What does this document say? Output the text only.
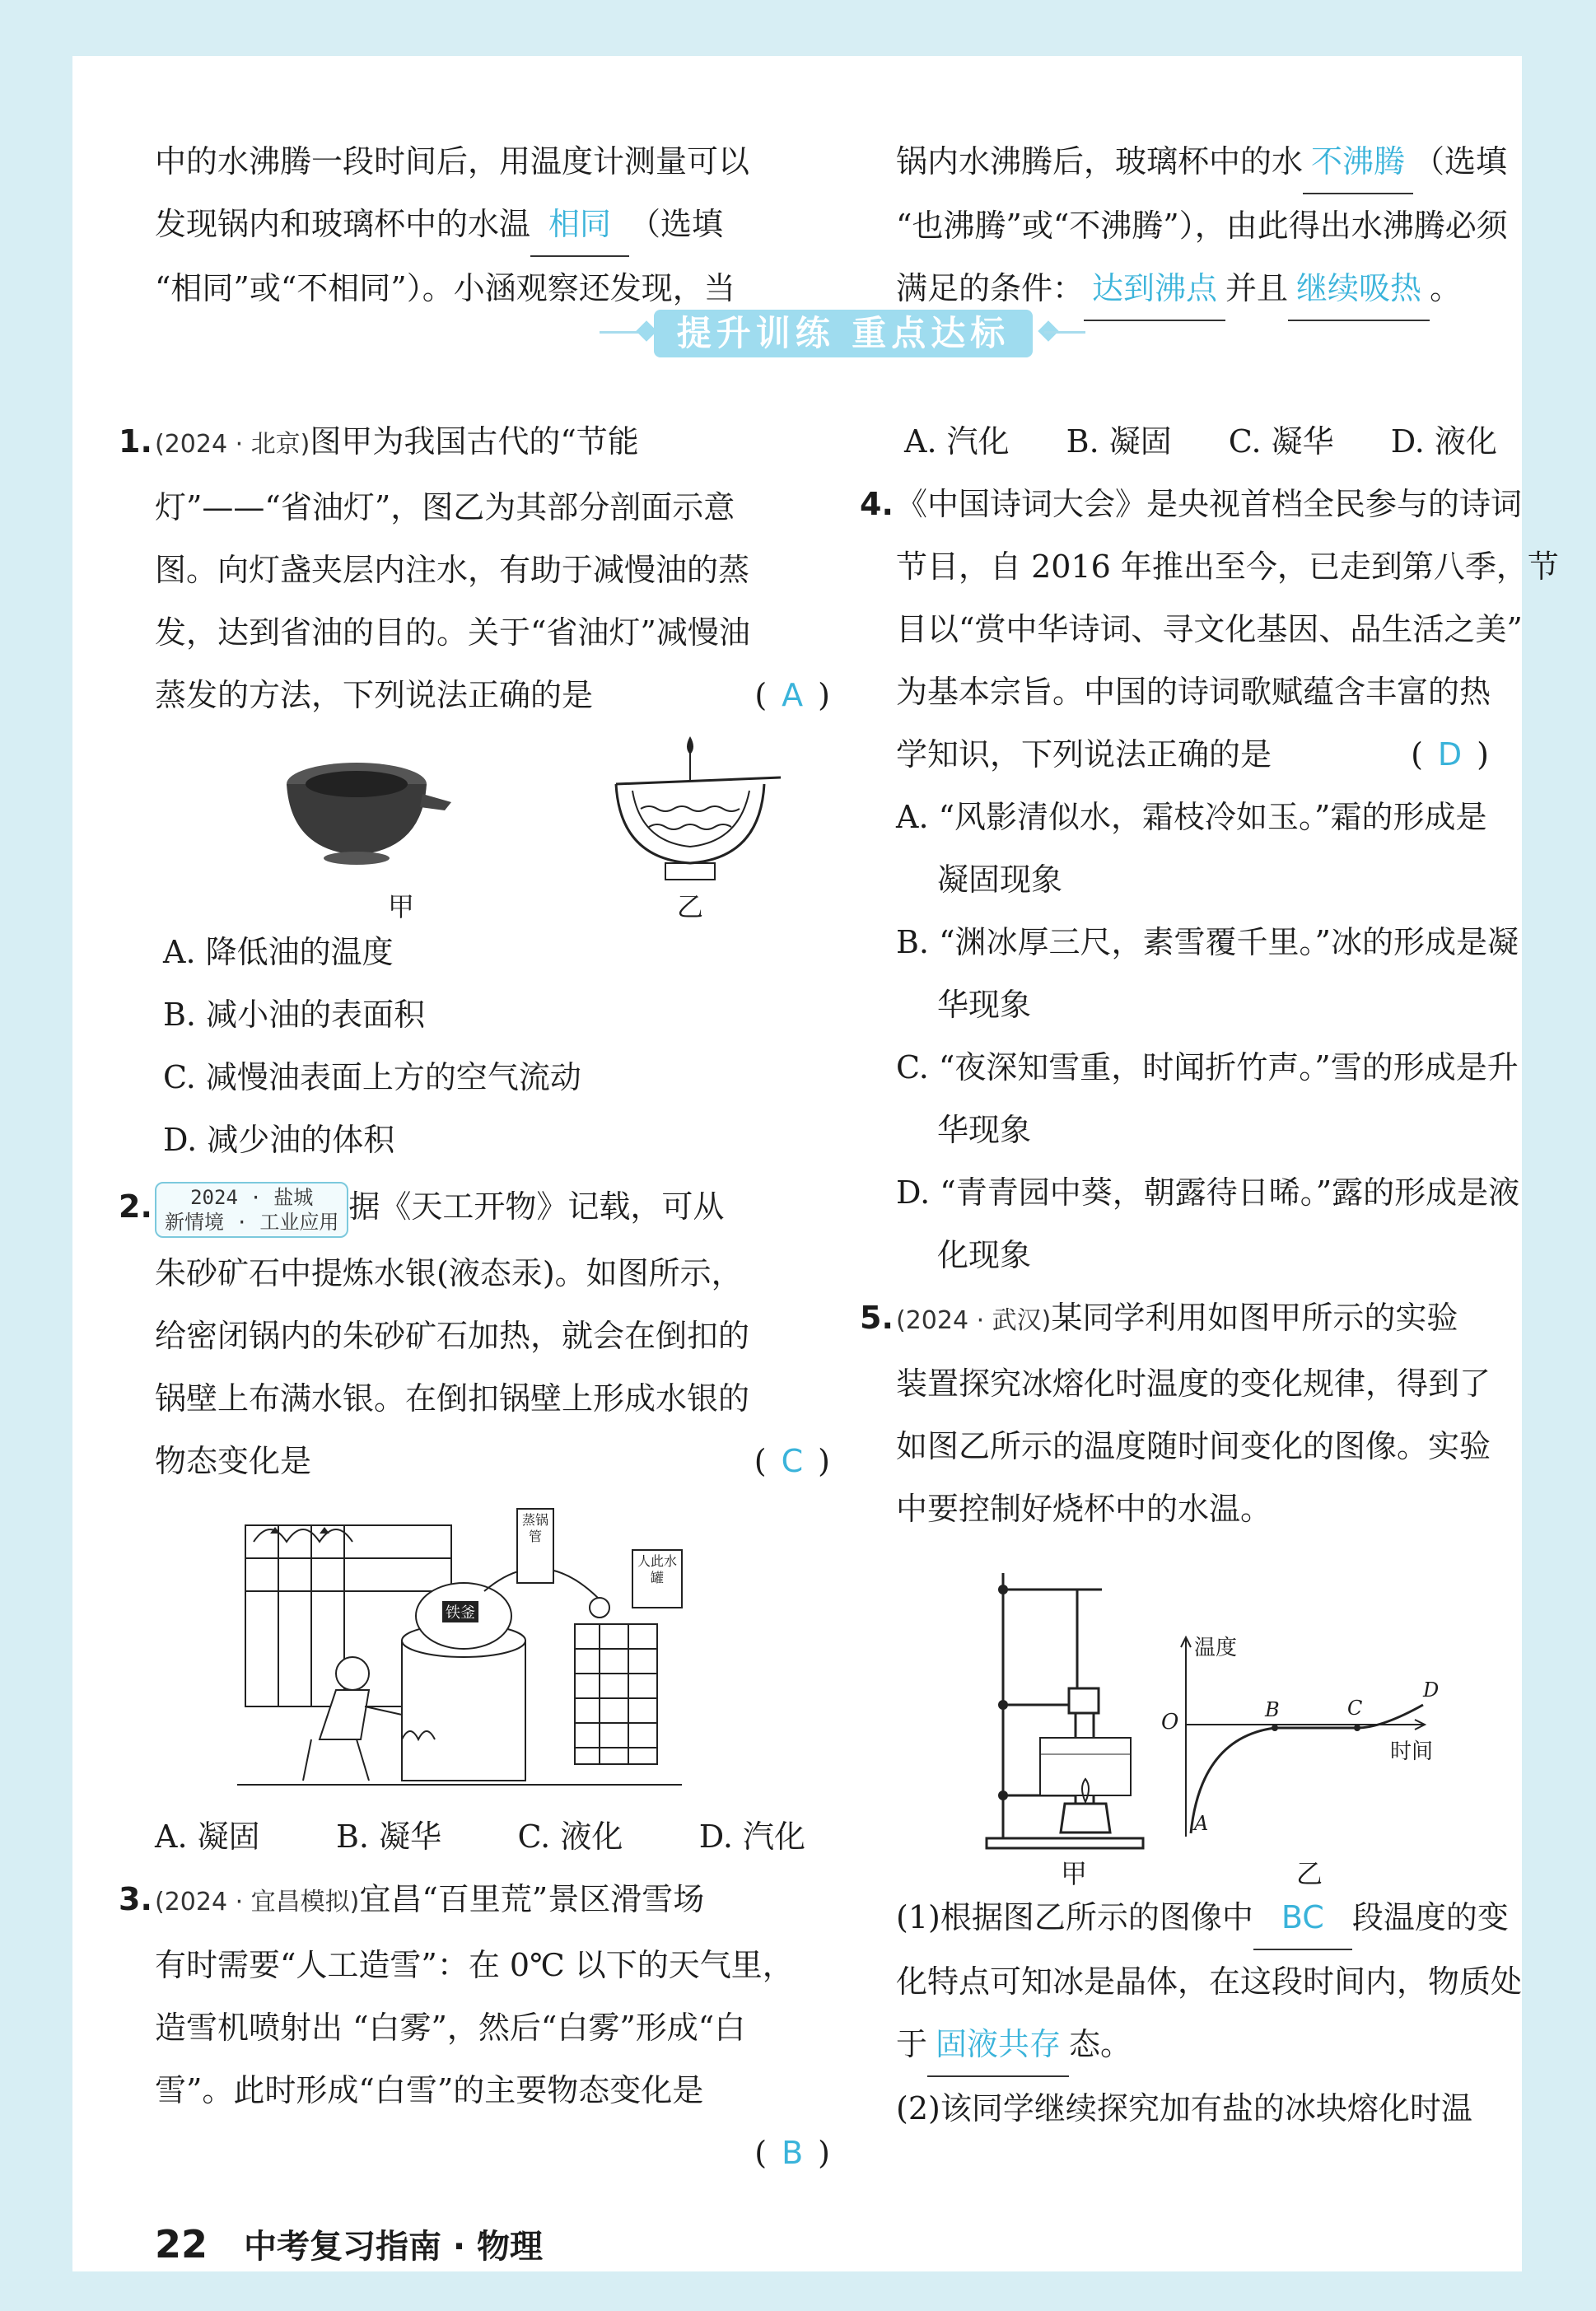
中的水沸腾一段时间后，用温度计测量可以

发现锅内和玻璃杯中的水温 相同 （选填

“相同”或“不相同”）。小涵观察还发现，当

锅内水沸腾后，玻璃杯中的水 不沸腾 （选填

“也沸腾”或“不沸腾”），由此得出水沸腾必须

满足的条件： 达到沸点 并且 继续吸热 。

提升训练 重点达标

1. (2024 · 北京)图甲为我国古代的“节能

灯”——“省油灯”，图乙为其部分剖面示意

图。向灯盏夹层内注水，有助于减慢油的蒸

发，达到省油的目的。关于“省油灯”减慢油

蒸发的方法，下列说法正确的是	( A )

甲	乙

A. 降低油的温度

B. 减小油的表面积

C. 减慢油表面上方的空气流动

D. 减少油的体积

2. 2024 · 盐城
新情境 · 工业应用 据《天工开物》记载，可从

朱砂矿石中提炼水银(液态汞)。如图所示，

给密闭锅内的朱砂矿石加热，就会在倒扣的

锅壁上布满水银。在倒扣锅壁上形成水银的

物态变化是	( C )

蒸锅管
铁釜
人此水罐
A. 凝固 B. 凝华 C. 液化 D. 汽化

3. (2024 · 宜昌模拟)宜昌“百里荒”景区滑雪场

有时需要“人工造雪”：在 0℃ 以下的天气里，

造雪机喷射出 “白雾”，然后“白雾”形成“白

雪”。此时形成“白雪”的主要物态变化是

( B )

A. 汽化 B. 凝固 C. 凝华 D. 液化

4.《中国诗词大会》是央视首档全民参与的诗词

节目，自 2016 年推出至今，已走到第八季，节

目以“赏中华诗词、寻文化基因、品生活之美”

为基本宗旨。中国的诗词歌赋蕴含丰富的热

学知识，下列说法正确的是	( D )

A. “风影清似水，霜枝冷如玉。”霜的形成是

凝固现象

B. “渊冰厚三尺，素雪覆千里。”冰的形成是凝

华现象

C. “夜深知雪重，时闻折竹声。”雪的形成是升

华现象

D. “青青园中葵，朝露待日晞。”露的形成是液

化现象

5. (2024 · 武汉)某同学利用如图甲所示的实验

装置探究冰熔化时温度的变化规律，得到了

如图乙所示的温度随时间变化的图像。实验

中要控制好烧杯中的水温。

温度
时间
O
A
B	C
D
甲	乙

(1)根据图乙所示的图像中 BC 段温度的变

化特点可知冰是晶体，在这段时间内，物质处

于 固液共存 态。

(2)该同学继续探究加有盐的冰块熔化时温

22 中考复习指南 · 物理
